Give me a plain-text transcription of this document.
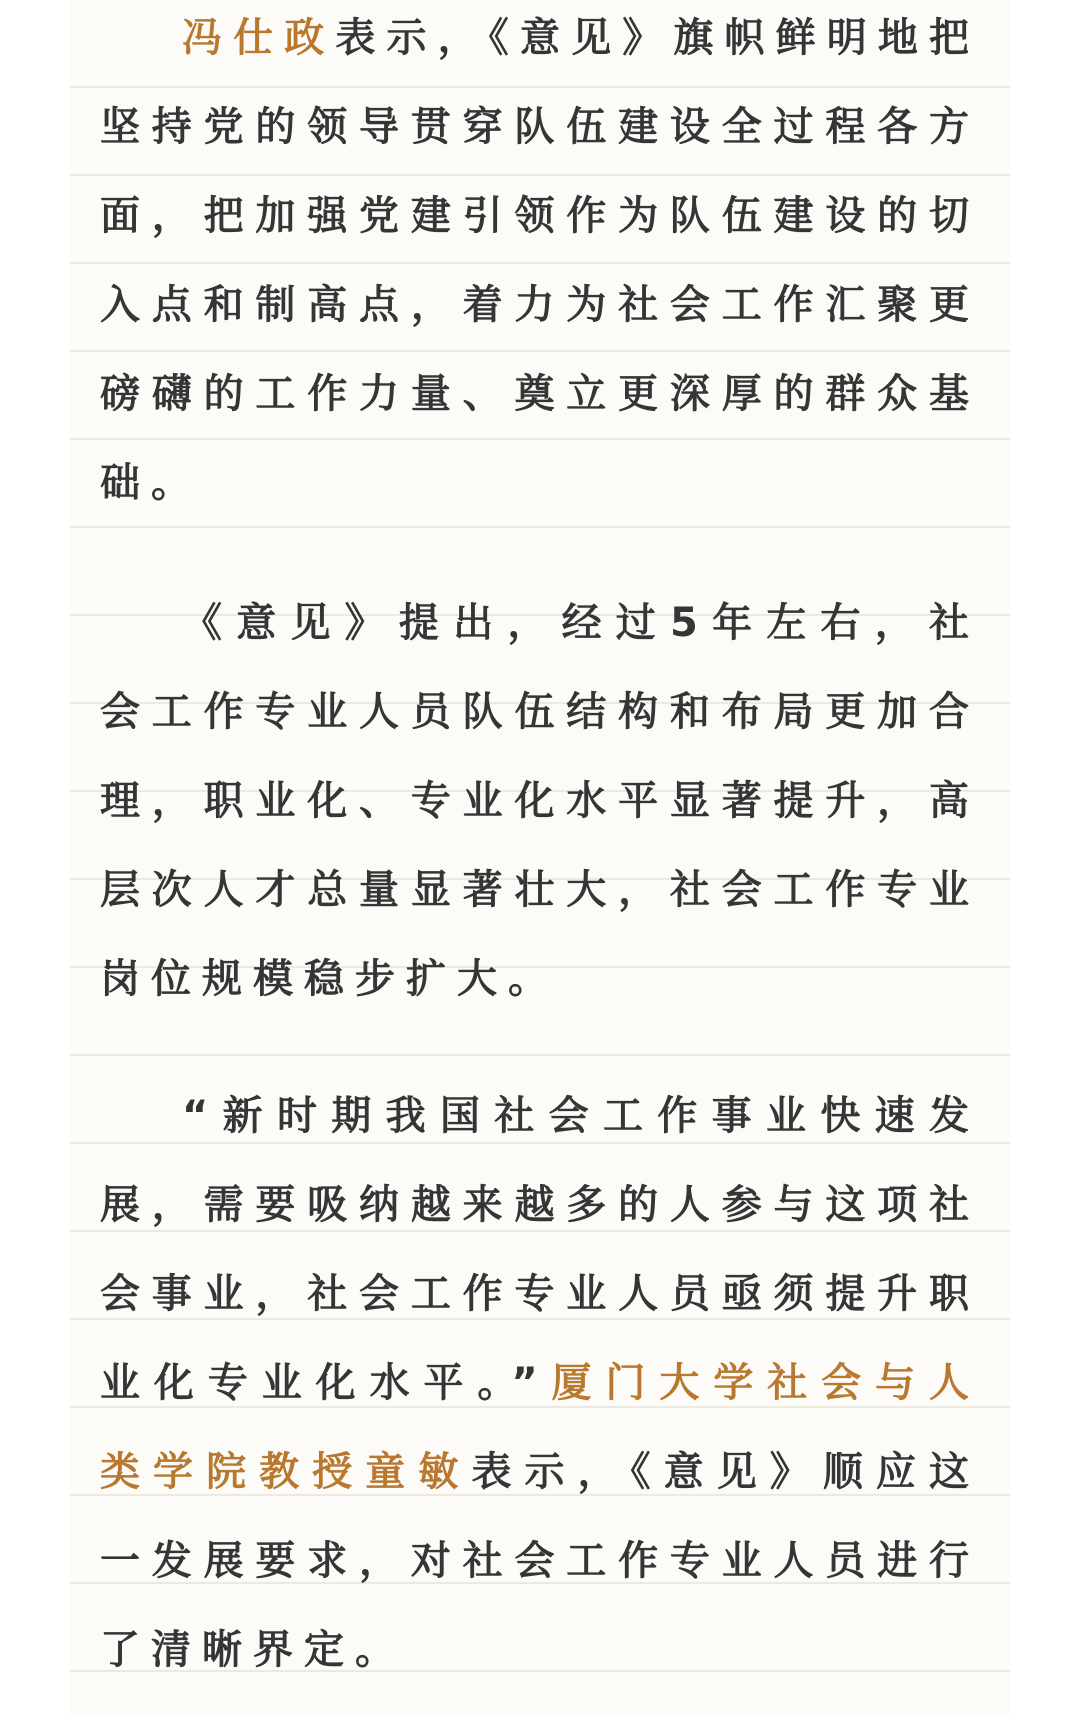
冯仕政表示，《意见》旗帜鲜明地把坚持党的领导贯穿队伍建设全过程各方面，把加强党建引领作为队伍建设的切入点和制高点，着力为社会工作汇聚更磅礴的工作力量、奠立更深厚的群众基础。

《意见》提出，经过5年左右，社会工作专业人员队伍结构和布局更加合理，职业化、专业化水平显著提升，高层次人才总量显著壮大，社会工作专业岗位规模稳步扩大。

“新时期我国社会工作事业快速发展，需要吸纳越来越多的人参与这项社会事业，社会工作专业人员亟须提升职业化专业化水平。”厦门大学社会与人类学院教授童敏表示，《意见》顺应这一发展要求，对社会工作专业人员进行了清晰界定。
